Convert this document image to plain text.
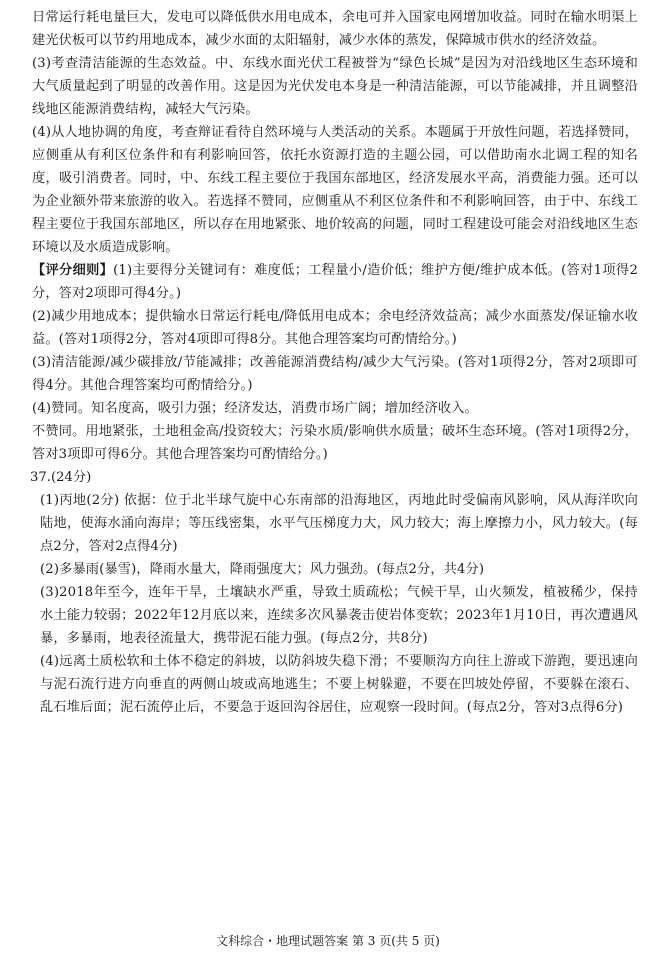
日常运行耗电量巨大，发电可以降低供水用电成本，余电可并入国家电网增加收益。同时在输水明渠上建光伏板可以节约用地成本，减少水面的太阳辐射，减少水体的蒸发，保障城市供水的经济效益。

(3)考查清洁能源的生态效益。中、东线水面光伏工程被誉为“绿色长城”是因为对沿线地区生态环境和大气质量起到了明显的改善作用。这是因为光伏发电本身是一种清洁能源，可以节能减排，并且调整沿线地区能源消费结构，减轻大气污染。

(4)从人地协调的角度，考查辩证看待自然环境与人类活动的关系。本题属于开放性问题，若选择赞同，应侧重从有利区位条件和有利影响回答，依托水资源打造的主题公园，可以借助南水北调工程的知名度，吸引消费者。同时，中、东线工程主要位于我国东部地区，经济发展水平高，消费能力强。还可以为企业额外带来旅游的收入。若选择不赞同，应侧重从不利区位条件和不利影响回答，由于中、东线工程主要位于我国东部地区，所以存在用地紧张、地价较高的问题，同时工程建设可能会对沿线地区生态环境以及水质造成影响。

【评分细则】(1)主要得分关键词有：难度低；工程量小/造价低；维护方便/维护成本低。(答对1项得2分，答对2项即可得4分。)

(2)减少用地成本；提供输水日常运行耗电/降低用电成本；余电经济效益高；减少水面蒸发/保证输水收益。(答对1项得2分，答对4项即可得8分。其他合理答案均可酌情给分。)

(3)清洁能源/减少碳排放/节能减排；改善能源消费结构/减少大气污染。(答对1项得2分，答对2项即可得4分。其他合理答案均可酌情给分。)

(4)赞同。知名度高，吸引力强；经济发达，消费市场广阔；增加经济收入。

不赞同。用地紧张，土地租金高/投资较大；污染水质/影响供水质量；破坏生态环境。(答对1项得2分，答对3项即可得6分。其他合理答案均可酌情给分。)

37.(24分)

(1)丙地(2分) 依据：位于北半球气旋中心东南部的沿海地区，丙地此时受偏南风影响，风从海洋吹向陆地，使海水涌向海岸；等压线密集，水平气压梯度力大，风力较大；海上摩擦力小，风力较大。(每点2分，答对2点得4分)

(2)多暴雨(暴雪)，降雨水量大，降雨强度大；风力强劲。(每点2分，共4分)

(3)2018年至今，连年干旱，土壤缺水严重，导致土质疏松；气候干旱，山火频发，植被稀少，保持水土能力较弱；2022年12月底以来，连续多次风暴袭击使岩体变软；2023年1月10日，再次遭遇风暴，多暴雨，地表径流量大，携带泥石能力强。(每点2分，共8分)

(4)远离土质松软和土体不稳定的斜坡，以防斜坡失稳下滑；不要顺沟方向往上游或下游跑，要迅速向与泥石流行进方向垂直的两侧山坡或高地逃生；不要上树躲避，不要在凹坡处停留，不要躲在滚石、乱石堆后面；泥石流停止后，不要急于返回沟谷居住，应观察一段时间。(每点2分，答对3点得6分)

文科综合・地理试题答案 第 3 页(共 5 页)
